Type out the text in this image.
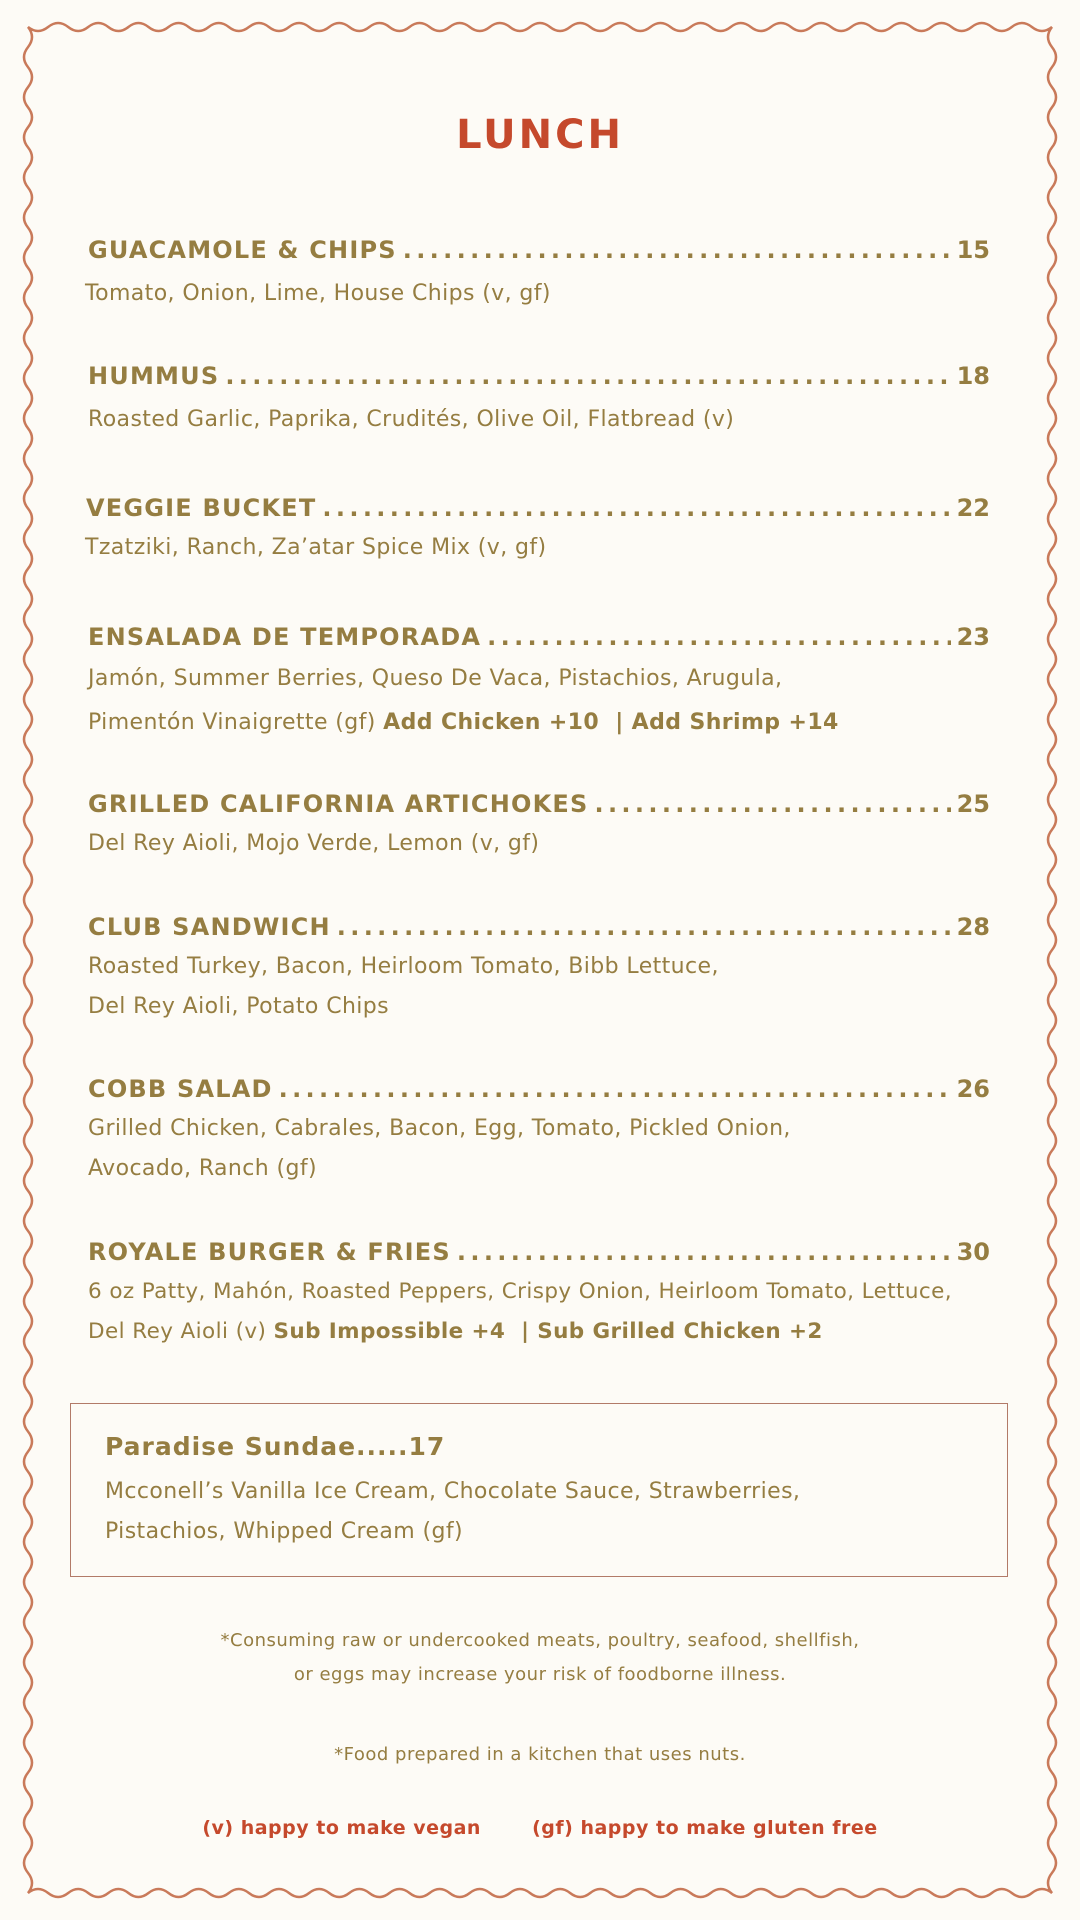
LUNCH
GUACAMOLE & CHIPS . . .	15
Tomato, Onion, Lime, House Chips (v, gf)
HUMMUS . . .	18
Roasted Garlic, Paprika, Crudités, Olive Oil, Flatbread (v)
VEGGIE BUCKET . . .	22
Tzatziki, Ranch, Za’atar Spice Mix (v, gf)
ENSALADA DE TEMPORADA . . .	23
Jamón, Summer Berries, Queso De Vaca, Pistachios, Arugula,
Pimentón Vinaigrette (gf) Add Chicken +10  | Add Shrimp +14
GRILLED CALIFORNIA ARTICHOKES . . .	25
Del Rey Aioli, Mojo Verde, Lemon (v, gf)
CLUB SANDWICH . . .	28
Roasted Turkey, Bacon, Heirloom Tomato, Bibb Lettuce,
Del Rey Aioli, Potato Chips
COBB SALAD . . .	26
Grilled Chicken, Cabrales, Bacon, Egg, Tomato, Pickled Onion,
Avocado, Ranch (gf)
ROYALE BURGER & FRIES . . .	30
6 oz Patty, Mahón, Roasted Peppers, Crispy Onion, Heirloom Tomato, Lettuce,
Del Rey Aioli (v) Sub Impossible +4  | Sub Grilled Chicken +2
Paradise Sundae.....17
Mcconell’s Vanilla Ice Cream, Chocolate Sauce, Strawberries,
Pistachios, Whipped Cream (gf)
*Consuming raw or undercooked meats, poultry, seafood, shellfish,
or eggs may increase your risk of foodborne illness.
*Food prepared in a kitchen that uses nuts.
(v) happy to make vegan	(gf) happy to make gluten free
